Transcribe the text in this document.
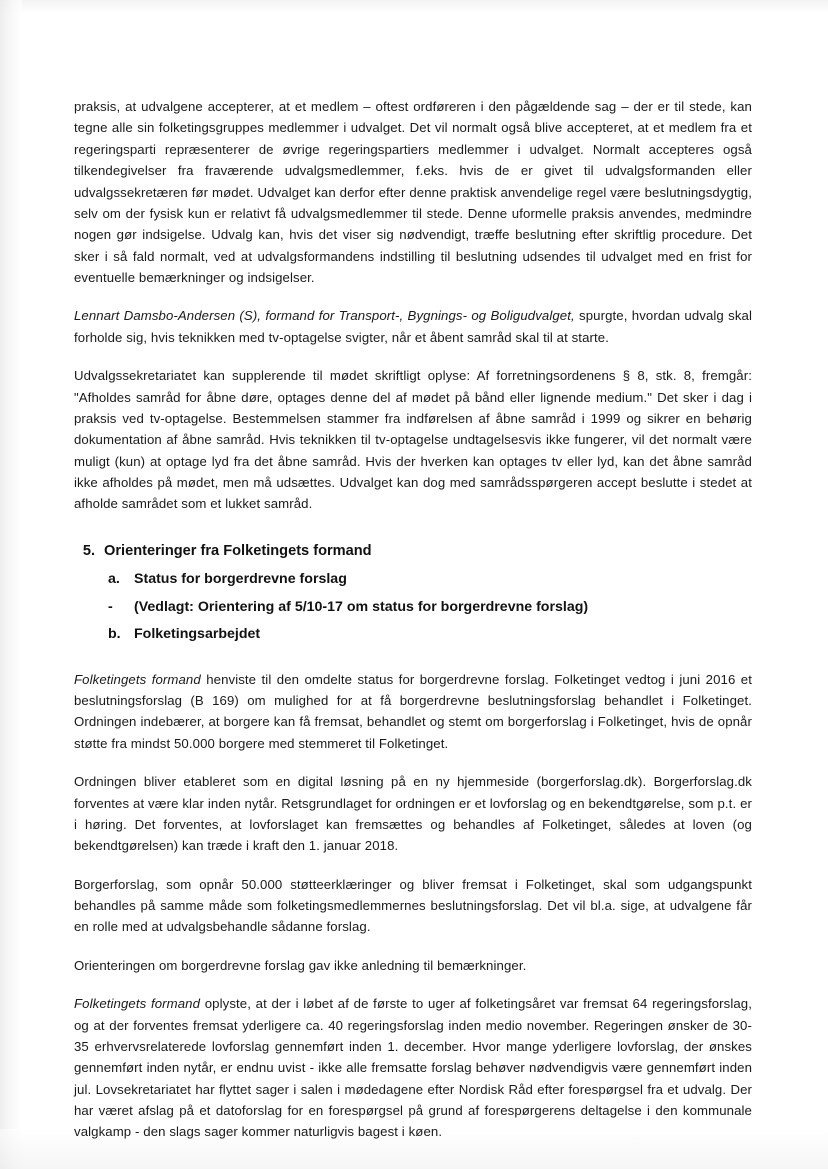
praksis, at udvalgene accepterer, at et medlem – oftest ordføreren i den pågældende sag – der er til stede, kan tegne alle sin folketingsgruppes medlemmer i udvalget. Det vil normalt også blive accepteret, at et medlem fra et regeringsparti repræsenterer de øvrige regeringspartiers medlemmer i udvalget. Normalt accepteres også tilkendegivelser fra fraværende udvalgsmedlemmer, f.eks. hvis de er givet til udvalgsformanden eller udvalgssekretæren før mødet. Udvalget kan derfor efter denne praktisk anvendelige regel være beslutningsdygtig, selv om der fysisk kun er relativt få udvalgsmedlemmer til stede. Denne uformelle praksis anvendes, medmindre nogen gør indsigelse. Udvalg kan, hvis det viser sig nødvendigt, træffe beslutning efter skriftlig procedure. Det sker i så fald normalt, ved at udvalgsformandens indstilling til beslutning udsendes til udvalget med en frist for eventuelle bemærkninger og indsigelser.

Lennart Damsbo-Andersen (S), formand for Transport-, Bygnings- og Boligudvalget, spurgte, hvordan udvalg skal forholde sig, hvis teknikken med tv-optagelse svigter, når et åbent samråd skal til at starte.

Udvalgssekretariatet kan supplerende til mødet skriftligt oplyse: Af forretningsordenens § 8, stk. 8, fremgår: "Afholdes samråd for åbne døre, optages denne del af mødet på bånd eller lignende medium." Det sker i dag i praksis ved tv-optagelse. Bestemmelsen stammer fra indførelsen af åbne samråd i 1999 og sikrer en behørig dokumentation af åbne samråd. Hvis teknikken til tv-optagelse undtagelsesvis ikke fungerer, vil det normalt være muligt (kun) at optage lyd fra det åbne samråd. Hvis der hverken kan optages tv eller lyd, kan det åbne samråd ikke afholdes på mødet, men må udsættes. Udvalget kan dog med samrådsspørgeren accept beslutte i stedet at afholde samrådet som et lukket samråd.

5. Orienteringer fra Folketingets formand
a. Status for borgerdrevne forslag
-	(Vedlagt: Orientering af 5/10-17 om status for borgerdrevne forslag)
b. Folketingsarbejdet

Folketingets formand henviste til den omdelte status for borgerdrevne forslag. Folketinget vedtog i juni 2016 et beslutningsforslag (B 169) om mulighed for at få borgerdrevne beslutningsforslag behandlet i Folketinget. Ordningen indebærer, at borgere kan få fremsat, behandlet og stemt om borgerforslag i Folketinget, hvis de opnår støtte fra mindst 50.000 borgere med stemmeret til Folketinget.

Ordningen bliver etableret som en digital løsning på en ny hjemmeside (borgerforslag.dk). Borgerforslag.dk forventes at være klar inden nytår. Retsgrundlaget for ordningen er et lovforslag og en bekendtgørelse, som p.t. er i høring. Det forventes, at lovforslaget kan fremsættes og behandles af Folketinget, således at loven (og bekendtgørelsen) kan træde i kraft den 1. januar 2018.

Borgerforslag, som opnår 50.000 støtteerklæringer og bliver fremsat i Folketinget, skal som udgangspunkt behandles på samme måde som folketingsmedlemmernes beslutningsforslag. Det vil bl.a. sige, at udvalgene får en rolle med at udvalgsbehandle sådanne forslag.

Orienteringen om borgerdrevne forslag gav ikke anledning til bemærkninger.

Folketingets formand oplyste, at der i løbet af de første to uger af folketingsåret var fremsat 64 regeringsforslag, og at der forventes fremsat yderligere ca. 40 regeringsforslag inden medio november. Regeringen ønsker de 30-35 erhvervsrelaterede lovforslag gennemført inden 1. december. Hvor mange yderligere lovforslag, der ønskes gennemført inden nytår, er endnu uvist - ikke alle fremsatte forslag behøver nødvendigvis være gennemført inden jul. Lovsekretariatet har flyttet sager i salen i mødedagene efter Nordisk Råd efter forespørgsel fra et udvalg. Der har været afslag på et datoforslag for en forespørgsel på grund af forespørgerens deltagelse i den kommunale valgkamp - den slags sager kommer naturligvis bagest i køen.
